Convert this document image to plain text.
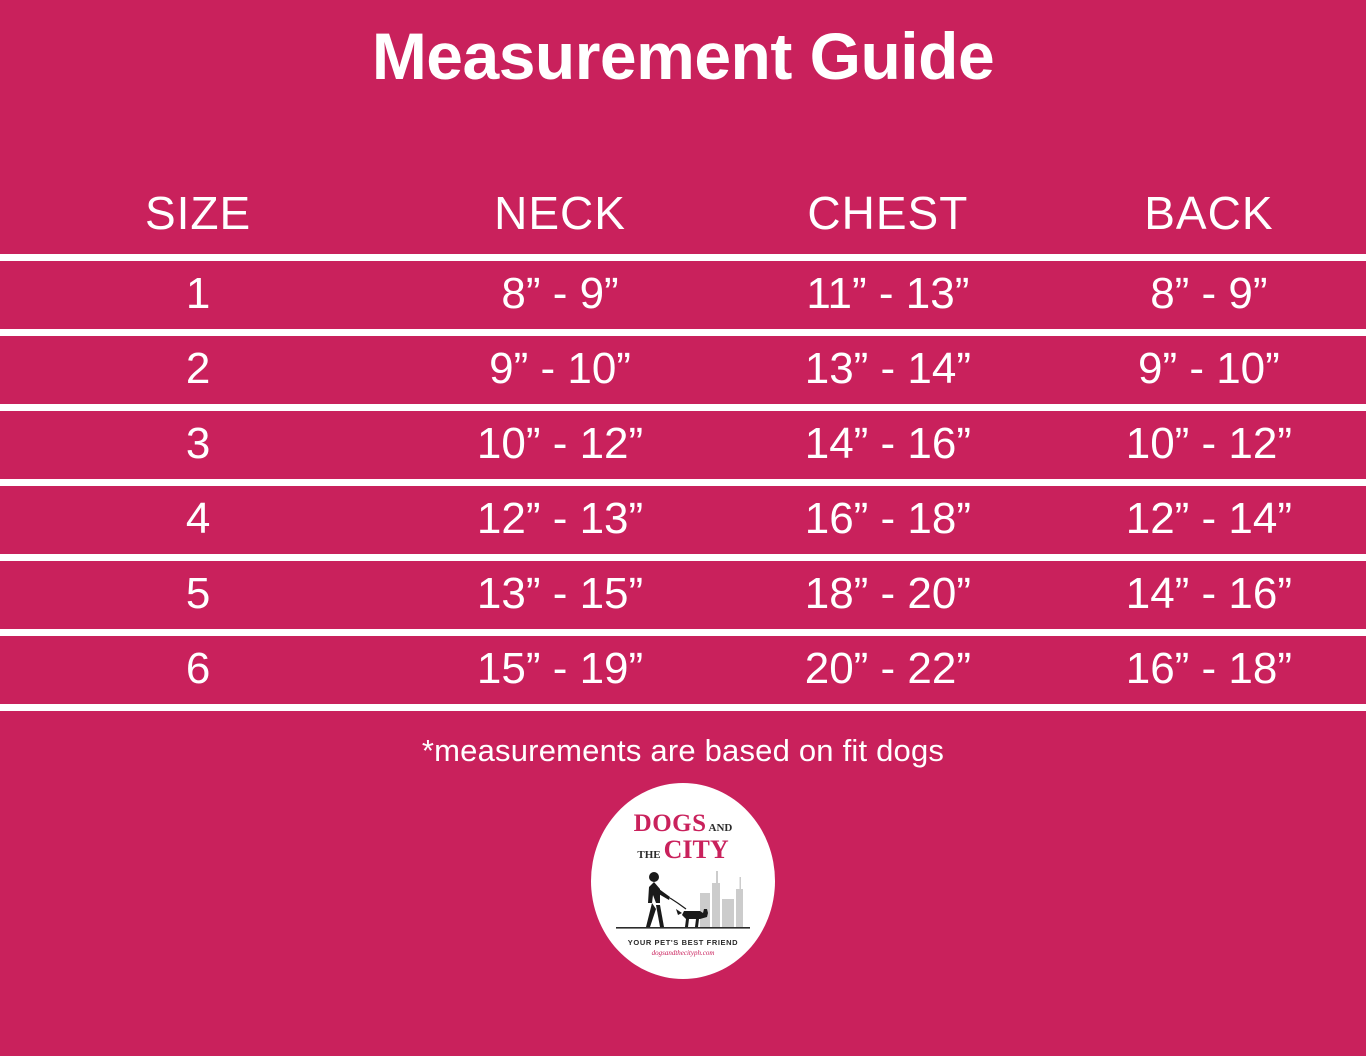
Measurement Guide
SIZE	NECK	CHEST	BACK
1	8” - 9”	11” - 13”	8” - 9”
2	9” - 10”	13” - 14”	9” - 10”
3	10” - 12”	14” - 16”	10” - 12”
4	12” - 13”	16” - 18”	12” - 14”
5	13” - 15”	18” - 20”	14” - 16”
6	15” - 19”	20” - 22”	16” - 18”
*measurements are based on fit dogs
DOGS AND
THE CITY
YOUR PET'S BEST FRIEND
dogsandthecityph.com
